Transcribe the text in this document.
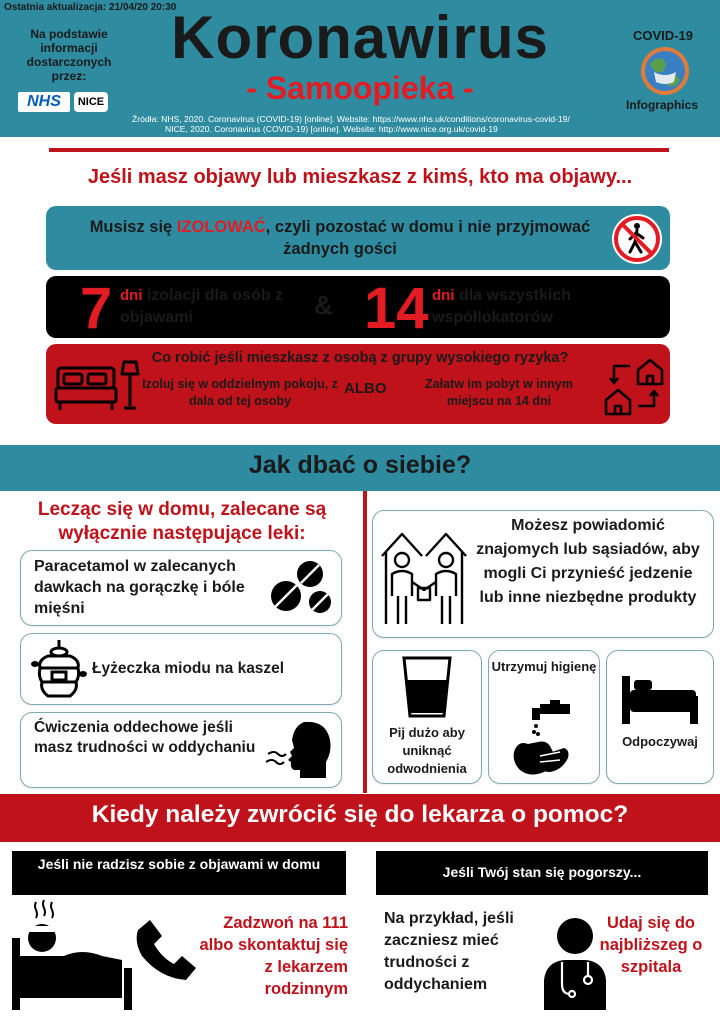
Ostatnia aktualizacja: 21/04/20 20:30
Na podstawie informacji dostarczonych przez:
NHS	NICE
Koronawirus
- Samoopieka -
COVID-19
Infographics
Źródła: NHS, 2020. Coronavirus (COVID-19) [online]. Website: https://www.nhs.uk/conditions/coronavirus-covid-19/
NICE, 2020. Coronavirus (COVID-19) [online]. Website: http://www.nice.org.uk/covid-19
Jeśli masz objawy lub mieszkasz z kimś, kto ma objawy...
Musisz się IZOLOWAĆ, czyli pozostać w domu i nie przyjmować żadnych gości
7 dni izolacji dla osób z objawami	& 14 dni dla wszystkich współlokatorów
Co robić jeśli mieszkasz z osobą z grupy wysokiego ryzyka?
Izoluj się w oddzielnym pokoju, z dala od tej osoby
ALBO	Załatw im pobyt w innym miejscu na 14 dni
Jak dbać o siebie?
Lecząc się w domu, zalecane są wyłącznie następujące leki:
Paracetamol w zalecanych dawkach na gorączkę i bóle mięśni
Łyżeczka miodu na kaszel
Ćwiczenia oddechowe jeśli masz trudności w oddychaniu
Możesz powiadomić znajomych lub sąsiadów, aby mogli Ci przynieść jedzenie lub inne niezbędne produkty
Pij dużo aby uniknąć odwodnienia
Utrzymuj higienę
Odpoczywaj
Kiedy należy zwrócić się do lekarza o pomoc?
Jeśli nie radzisz sobie z objawami w domu	Jeśli Twój stan się pogorszy...
Zadzwoń na 111 albo skontaktuj się z lekarzem rodzinnym
Na przykład, jeśli zaczniesz mieć trudności z oddychaniem
Udaj się do najbliższeg o szpitala
